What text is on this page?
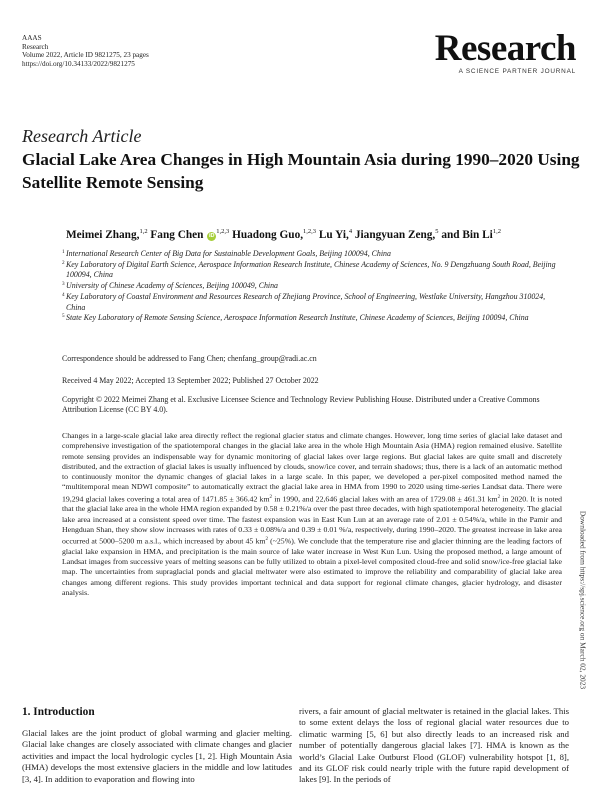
AAAS
Research
Volume 2022, Article ID 9821275, 23 pages
https://doi.org/10.34133/2022/9821275	Research
A SCIENCE PARTNER JOURNAL
Research Article
Glacial Lake Area Changes in High Mountain Asia during 1990–2020 Using Satellite Remote Sensing
Meimei Zhang,$^{1,2}$ Fang Chen iD$^{1,2,3}$ Huadong Guo,$^{1,2,3}$ Lu Yi,$^4$ Jiangyuan Zeng,$^5$ and Bin Li$^{1,2}$
1 International Research Center of Big Data for Sustainable Development Goals, Beijing 100094, China
2 Key Laboratory of Digital Earth Science, Aerospace Information Research Institute, Chinese Academy of Sciences, No. 9 Dengzhuang South Road, Beijing 100094, China
3 University of Chinese Academy of Sciences, Beijing 100049, China
4 Key Laboratory of Coastal Environment and Resources Research of Zhejiang Province, School of Engineering, Westlake University, Hangzhou 310024, China
5 State Key Laboratory of Remote Sensing Science, Aerospace Information Research Institute, Chinese Academy of Sciences, Beijing 100094, China
Correspondence should be addressed to Fang Chen; chenfang_group@radi.ac.cn
Received 4 May 2022; Accepted 13 September 2022; Published 27 October 2022
Copyright © 2022 Meimei Zhang et al. Exclusive Licensee Science and Technology Review Publishing House. Distributed under a Creative Commons Attribution License (CC BY 4.0).
Changes in a large-scale glacial lake area directly reflect the regional glacier status and climate changes. However, long time series of glacial lake dataset and comprehensive investigation of the spatiotemporal changes in the glacial lake area in the whole High Mountain Asia (HMA) region remained elusive. Satellite remote sensing provides an indispensable way for dynamic monitoring of glacial lakes over large regions. But glacial lakes are quite small and discretely distributed, and the extraction of glacial lakes is usually influenced by clouds, snow/ice cover, and terrain shadows; thus, there is a lack of an automatic method to continuously monitor the dynamic changes of glacial lakes in a large scale. In this paper, we developed a per-pixel composited method named the “multitemporal mean NDWI composite” to automatically extract the glacial lake area in HMA from 1990 to 2020 using time-series Landsat data. There were 19,294 glacial lakes covering a total area of 1471.85 ± 366.42 $km^2$ in 1990, and 22,646 glacial lakes with an area of 1729.08 ± 461.31 $km^2$ in 2020. It is noted that the glacial lake area in the whole HMA region expanded by 0.58 ± 0.21%/a over the past three decades, with high spatiotemporal heterogeneity. The glacial lake area increased at a consistent speed over time. The fastest expansion was in East Kun Lun at an average rate of 2.01 ± 0.54%/a, while in the Pamir and Hengduan Shan, they show slow increases with rates of 0.33 ± 0.08%/a and 0.39 ± 0.01 %/a, respectively, during 1990–2020. The greatest increase in lake area occurred at 5000–5200 m a.s.l., which increased by about 45 $km^2$ (~25%). We conclude that the temperature rise and glacier thinning are the leading factors of glacial lake expansion in HMA, and precipitation is the main source of lake water increase in West Kun Lun. Using the proposed method, a large amount of Landsat images from successive years of melting seasons can be fully utilized to obtain a pixel-level composited cloud-free and solid snow/ice-free glacial lake map. The uncertainties from supraglacial ponds and glacial meltwater were also estimated to improve the reliability and comparability of glacial lake area changes among different regions. This study provides important technical and data support for regional climate changes, glacier hydrology, and disaster analysis.	Downloaded from https://spj.science.org on March 02, 2023
1. Introduction

Glacial lakes are the joint product of global warming and glacier melting. Glacial lake changes are closely associated with climate changes and glacier activities and impact the local hydrologic cycles [1, 2]. High Mountain Asia (HMA) develops the most extensive glaciers in the middle and low latitudes [3, 4]. In addition to evaporation and flowing into

rivers, a fair amount of glacial meltwater is retained in the glacial lakes. This to some extent delays the loss of regional glacial water resources due to climatic warming [5, 6] but also directly leads to an increased risk and number of potentially dangerous glacial lakes [7]. HMA is known as the world’s Glacial Lake Outburst Flood (GLOF) vulnerability hotspot [1, 8], and its GLOF risk could nearly triple with the future rapid development of lakes [9]. In the periods of
